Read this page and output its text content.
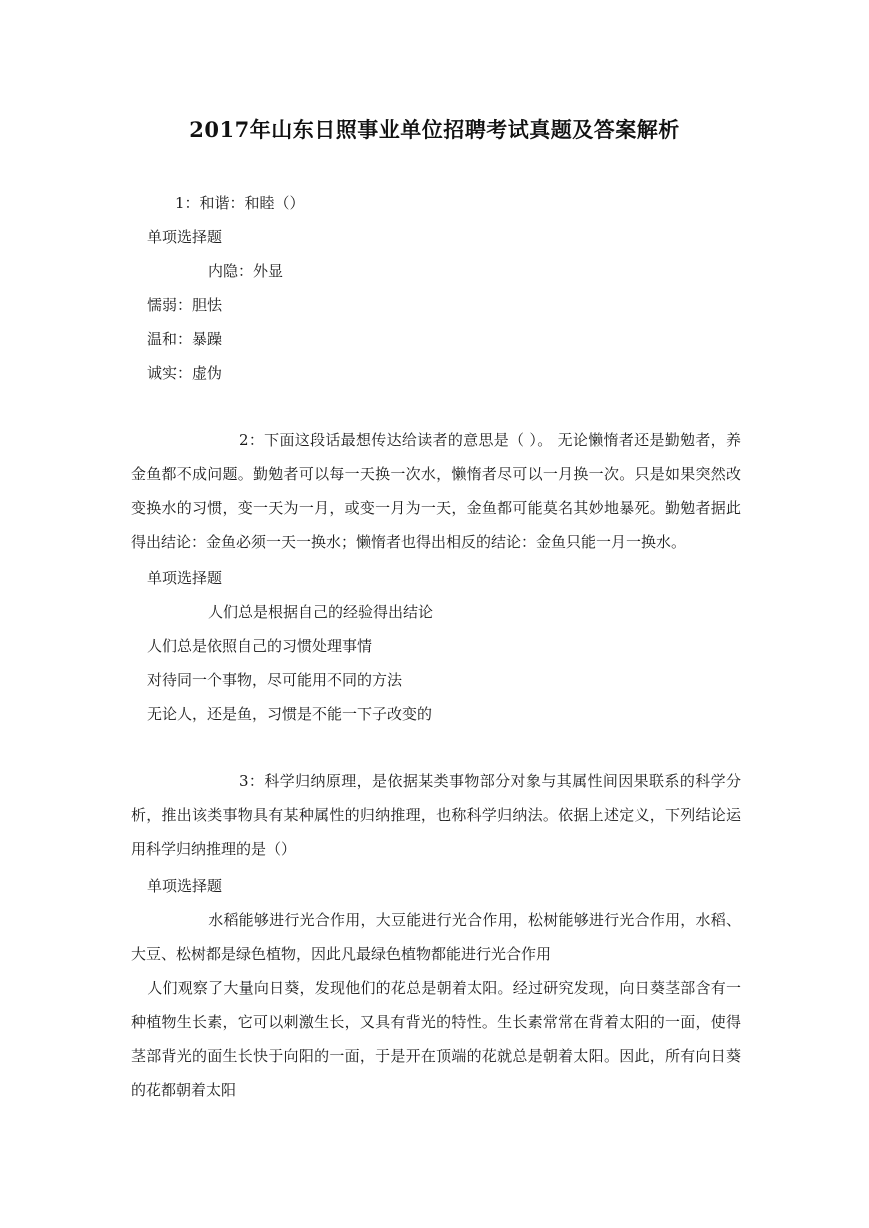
2017年山东日照事业单位招聘考试真题及答案解析
1：和谐：和睦（）
单项选择题
内隐：外显
懦弱：胆怯
温和：暴躁
诚实：虚伪
2：下面这段话最想传达给读者的意思是（ ）。 无论懒惰者还是勤勉者，养金鱼都不成问题。勤勉者可以每一天换一次水，懒惰者尽可以一月换一次。只是如果突然改变换水的习惯，变一天为一月，或变一月为一天，金鱼都可能莫名其妙地暴死。勤勉者据此得出结论：金鱼必须一天一换水；懒惰者也得出相反的结论：金鱼只能一月一换水。
单项选择题
人们总是根据自己的经验得出结论
人们总是依照自己的习惯处理事情
对待同一个事物，尽可能用不同的方法
无论人，还是鱼，习惯是不能一下子改变的
3：科学归纳原理，是依据某类事物部分对象与其属性间因果联系的科学分析，推出该类事物具有某种属性的归纳推理，也称科学归纳法。依据上述定义，下列结论运用科学归纳推理的是（）
单项选择题
水稻能够进行光合作用，大豆能进行光合作用，松树能够进行光合作用，水稻、大豆、松树都是绿色植物，因此凡最绿色植物都能进行光合作用
人们观察了大量向日葵，发现他们的花总是朝着太阳。经过研究发现，向日葵茎部含有一种植物生长素，它可以刺激生长，又具有背光的特性。生长素常常在背着太阳的一面，使得茎部背光的面生长快于向阳的一面，于是开在顶端的花就总是朝着太阳。因此，所有向日葵的花都朝着太阳
